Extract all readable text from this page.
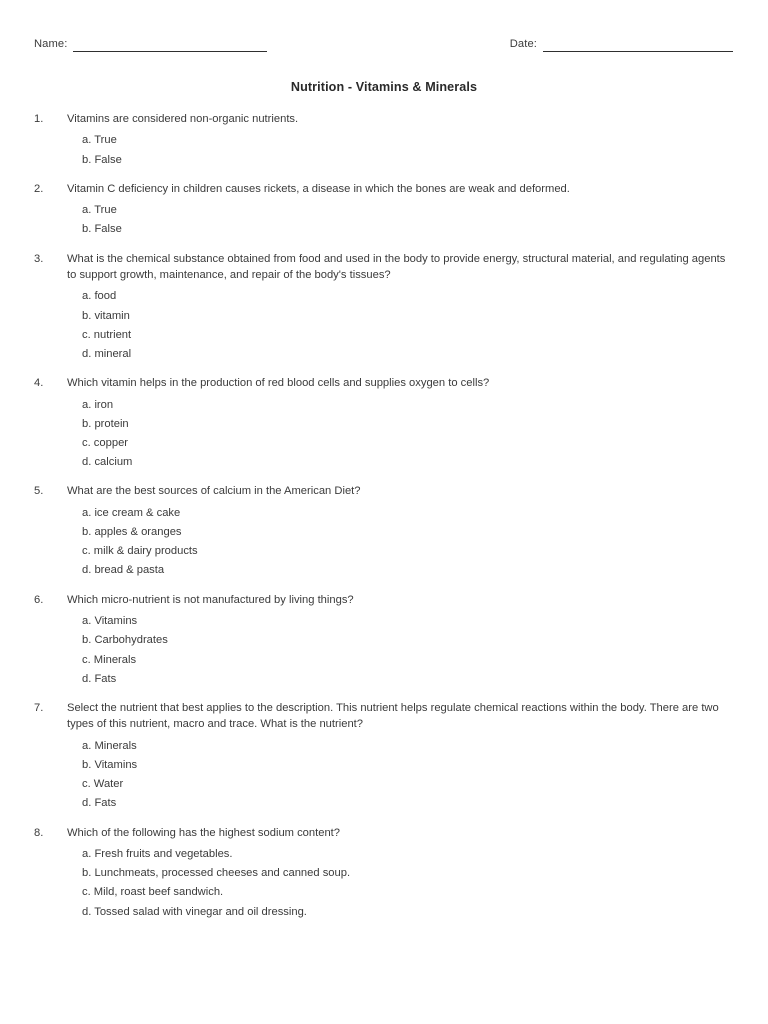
Name:	Date:
Nutrition - Vitamins & Minerals
1.	Vitamins are considered non-organic nutrients.
a. True
b. False
2.	Vitamin C deficiency in children causes rickets, a disease in which the bones are weak and deformed.
a. True
b. False
3.	What is the chemical substance obtained from food and used in the body to provide energy, structural material, and regulating agents to support growth, maintenance, and repair of the body's tissues?
a. food
b. vitamin
c. nutrient
d. mineral
4.	Which vitamin helps in the production of red blood cells and supplies oxygen to cells?
a. iron
b. protein
c. copper
d. calcium
5.	What are the best sources of calcium in the American Diet?
a. ice cream & cake
b. apples & oranges
c. milk & dairy products
d. bread & pasta
6.	Which micro-nutrient is not manufactured by living things?
a. Vitamins
b. Carbohydrates
c. Minerals
d. Fats
7.	Select the nutrient that best applies to the description. This nutrient helps regulate chemical reactions within the body. There are two types of this nutrient, macro and trace. What is the nutrient?
a. Minerals
b. Vitamins
c. Water
d. Fats
8.	Which of the following has the highest sodium content?
a. Fresh fruits and vegetables.
b. Lunchmeats, processed cheeses and canned soup.
c. Mild, roast beef sandwich.
d. Tossed salad with vinegar and oil dressing.
